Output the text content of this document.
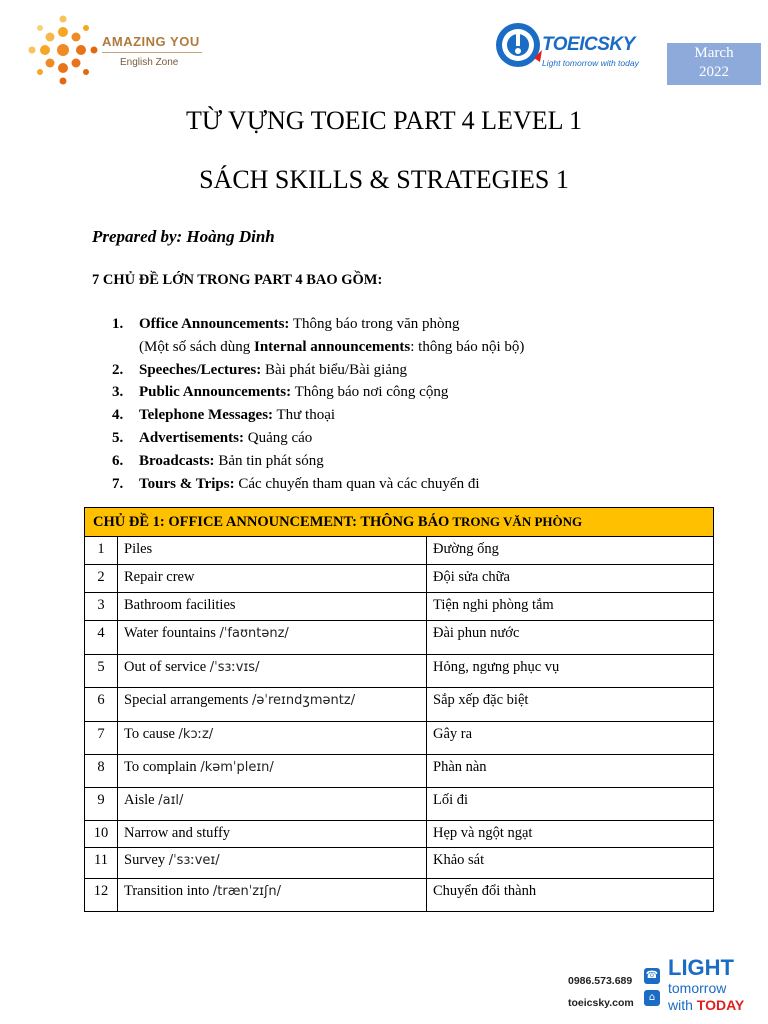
AMAZING YOU
English Zone
TOEICSKY
Light tomorrow with today
March
2022
TỪ VỰNG TOEIC PART 4 LEVEL 1
SÁCH SKILLS & STRATEGIES 1
Prepared by: Hoàng Dinh
7 CHỦ ĐỀ LỚN TRONG PART 4 BAO GỒM:
1. Office Announcements: Thông báo trong văn phòng
(Một số sách dùng Internal announcements: thông báo nội bộ)
2. Speeches/Lectures: Bài phát biểu/Bài giảng
3. Public Announcements: Thông báo nơi công cộng
4. Telephone Messages: Thư thoại
5. Advertisements: Quảng cáo
6. Broadcasts: Bản tin phát sóng
7. Tours & Trips: Các chuyến tham quan và các chuyến đi
CHỦ ĐỀ 1: OFFICE ANNOUNCEMENT: THÔNG BÁO TRONG VĂN PHÒNG		
1	Piles	Đường ống
2	Repair crew	Đội sửa chữa
3	Bathroom facilities	Tiện nghi phòng tắm
4	Water fountains /ˈfaʊntənz/	Đài phun nước
5	Out of service /ˈsɜːvɪs/	Hỏng, ngưng phục vụ
6	Special arrangements /əˈreɪndʒməntz/	Sắp xếp đặc biệt
7	To cause /kɔːz/	Gây ra
8	To complain /kəmˈpleɪn/	Phàn nàn
9	Aisle /aɪl/	Lối đi
10	Narrow and stuffy	Hẹp và ngột ngạt
11	Survey /ˈsɜːveɪ/	Khảo sát
12	Transition into /trænˈzɪʃn/	Chuyển đổi thành
0986.573.689
toeicsky.com
☎
⌂
LIGHT
tomorrow
with TODAY
